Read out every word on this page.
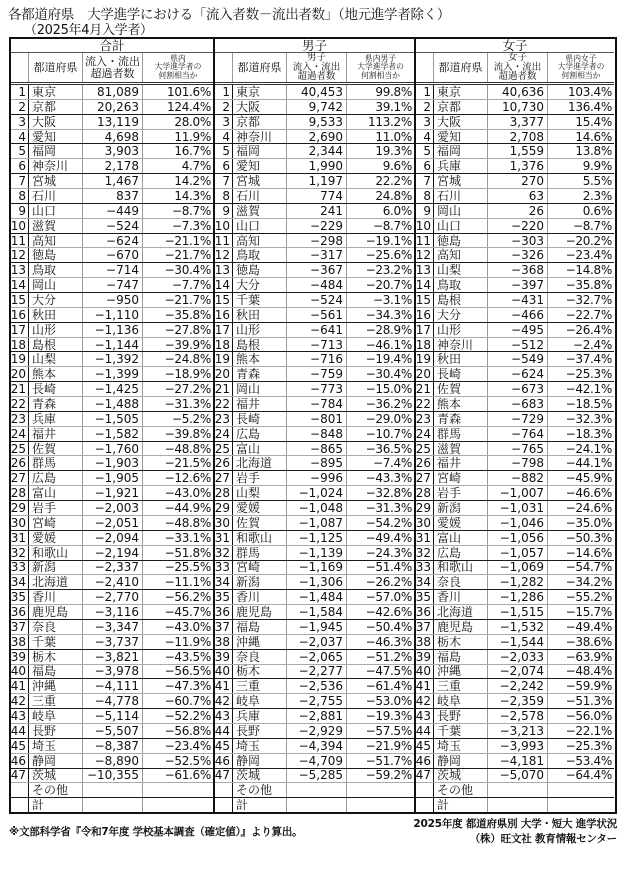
各都道府県　大学進学における「流入者数－流出者数」（地元進学者除く）
（2025年4月入学者）
合計
都道府県 流入・流出
超過者数
県内
大学進学者の
何割相当か
1 東京	81,089	101.6%
2 京都	20,263	124.4%
3 大阪	13,119	28.0%
4 愛知	4,698	11.9%
5 福岡	3,903	16.7%
6 神奈川	2,178	4.7%
7 宮城	1,467	14.2%
8 石川	837	14.3%
9 山口	−449	−8.7%
10 滋賀	−524	−7.3%
11 高知	−624	−21.1%
12 徳島	−670	−21.7%
13 鳥取	−714	−30.4%
14 岡山	−747	−7.7%
15 大分	−950	−21.7%
16 秋田	−1,110	−35.8%
17 山形	−1,136	−27.8%
18 島根	−1,144	−39.9%
19 山梨	−1,392	−24.8%
20 熊本	−1,399	−18.9%
21 長崎	−1,425	−27.2%
22 青森	−1,488	−31.3%
23 兵庫	−1,505	−5.2%
24 福井	−1,582	−39.8%
25 佐賀	−1,760	−48.8%
26 群馬	−1,903	−21.5%
27 広島	−1,905	−12.6%
28 富山	−1,921	−43.0%
29 岩手	−2,003	−44.9%
30 宮崎	−2,051	−48.8%
31 愛媛	−2,094	−33.1%
32 和歌山	−2,194	−51.8%
33 新潟	−2,337	−25.5%
34 北海道	−2,410	−11.1%
35 香川	−2,770	−56.2%
36 鹿児島	−3,116	−45.7%
37 奈良	−3,347	−43.0%
38 千葉	−3,737	−11.9%
39 栃木	−3,821	−43.5%
40 福島	−3,978	−56.5%
41 沖縄	−4,111	−47.3%
42 三重	−4,778	−60.7%
43 岐阜	−5,114	−52.2%
44 長野	−5,507	−56.8%
45 埼玉	−8,387	−23.4%
46 静岡	−8,890	−52.5%
47 茨城	−10,355	−61.6%
その他
計
男子
都道府県
男子
流入・流出
超過者数
県内男子
大学進学者の
何割相当か
1 東京	40,453	99.8%
2 大阪	9,742	39.1%
3 京都	9,533	113.2%
4 神奈川	2,690	11.0%
5 福岡	2,344	19.3%
6 愛知	1,990	9.6%
7 宮城	1,197	22.2%
8 石川	774	24.8%
9 滋賀	241	6.0%
10 山口	−229	−8.7%
11 高知	−298	−19.1%
12 鳥取	−317	−25.6%
13 徳島	−367	−23.2%
14 大分	−484	−20.7%
15 千葉	−524	−3.1%
16 秋田	−561	−34.3%
17 山形	−641	−28.9%
18 島根	−713	−46.1%
19 熊本	−716	−19.4%
20 青森	−759	−30.4%
21 岡山	−773	−15.0%
22 福井	−784	−36.2%
23 長崎	−801	−29.0%
24 広島	−848	−10.7%
25 富山	−865	−36.5%
26 北海道	−895	−7.4%
27 岩手	−996	−43.3%
28 山梨	−1,024	−32.8%
29 愛媛	−1,048	−31.3%
30 佐賀	−1,087	−54.2%
31 和歌山	−1,125	−49.4%
32 群馬	−1,139	−24.3%
33 宮崎	−1,169	−51.4%
34 新潟	−1,306	−26.2%
35 香川	−1,484	−57.0%
36 鹿児島	−1,584	−42.6%
37 福島	−1,945	−50.4%
38 沖縄	−2,037	−46.3%
39 奈良	−2,065	−51.2%
40 栃木	−2,277	−47.5%
41 三重	−2,536	−61.4%
42 岐阜	−2,755	−53.0%
43 兵庫	−2,881	−19.3%
44 長野	−2,929	−57.5%
45 埼玉	−4,394	−21.9%
46 静岡	−4,709	−51.7%
47 茨城	−5,285	−59.2%
その他
計
女子
都道府県
女子
流入・流出
超過者数
県内女子
大学進学者の
何割相当か
1 東京	40,636	103.4%
2 京都	10,730	136.4%
3 大阪	3,377	15.4%
4 愛知	2,708	14.6%
5 福岡	1,559	13.8%
6 兵庫	1,376	9.9%
7 宮城	270	5.5%
8 石川	63	2.3%
9 岡山	26	0.6%
10 山口	−220	−8.7%
11 徳島	−303	−20.2%
12 高知	−326	−23.4%
13 山梨	−368	−14.8%
14 鳥取	−397	−35.8%
15 島根	−431	−32.7%
16 大分	−466	−22.7%
17 山形	−495	−26.4%
18 神奈川	−512	−2.4%
19 秋田	−549	−37.4%
20 長崎	−624	−25.3%
21 佐賀	−673	−42.1%
22 熊本	−683	−18.5%
23 青森	−729	−32.3%
24 群馬	−764	−18.3%
25 滋賀	−765	−24.1%
26 福井	−798	−44.1%
27 宮崎	−882	−45.9%
28 岩手	−1,007	−46.6%
29 新潟	−1,031	−24.6%
30 愛媛	−1,046	−35.0%
31 富山	−1,056	−50.3%
32 広島	−1,057	−14.6%
33 和歌山	−1,069	−54.7%
34 奈良	−1,282	−34.2%
35 香川	−1,286	−55.2%
36 北海道	−1,515	−15.7%
37 鹿児島	−1,532	−49.4%
38 栃木	−1,544	−38.6%
39 福島	−2,033	−63.9%
40 沖縄	−2,074	−48.4%
41 三重	−2,242	−59.9%
42 岐阜	−2,359	−51.3%
43 長野	−2,578	−56.0%
44 千葉	−3,213	−22.1%
45 埼玉	−3,993	−25.3%
46 静岡	−4,181	−53.4%
47 茨城	−5,070	−64.4%
その他
計
※文部科学省『令和7年度 学校基本調査（確定値）』より算出。
2025年度 都道府県別 大学・短大 進学状況
（株）旺文社 教育情報センター
